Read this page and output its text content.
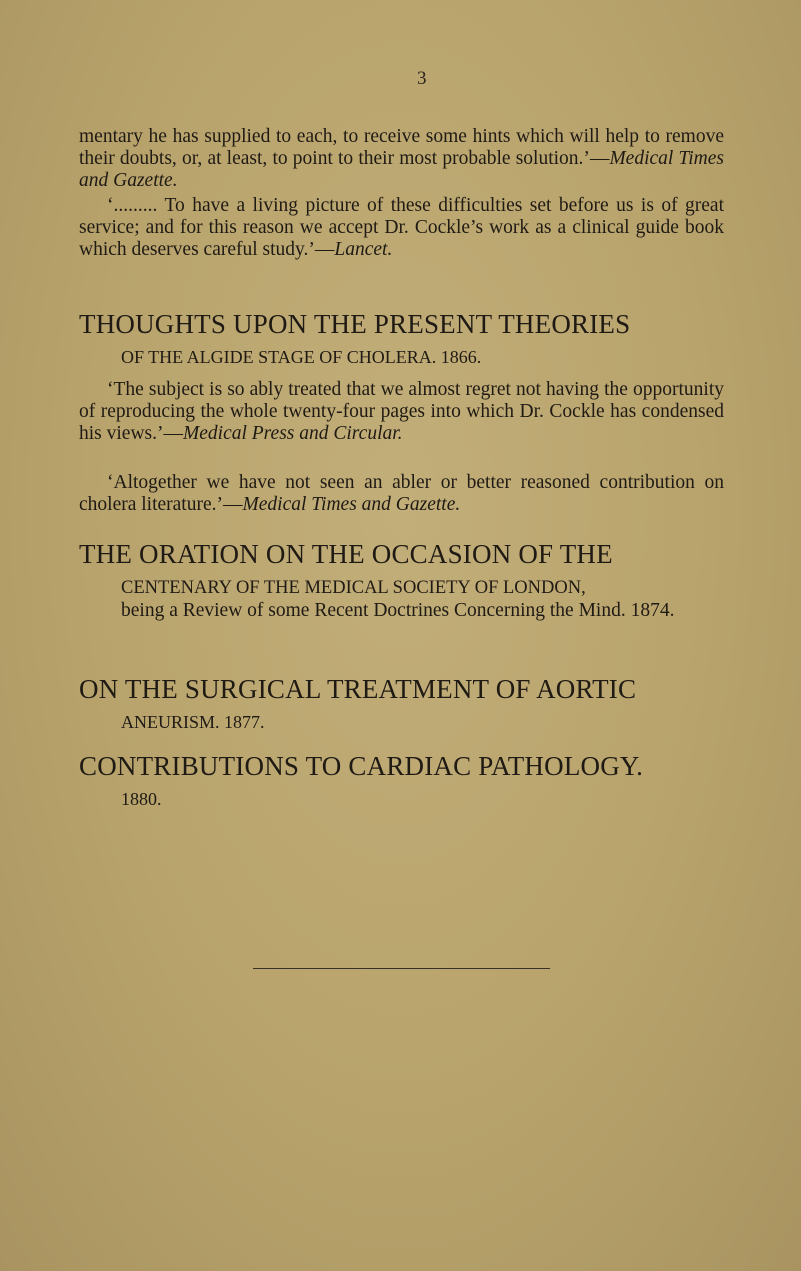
3

mentary he has supplied to each, to receive some hints which will help to remove their doubts, or, at least, to point to their most probable solution.’—Medical Times and Gazette.

‘......... To have a living picture of these difficulties set before us is of great service; and for this reason we accept Dr. Cockle’s work as a clinical guide book which deserves careful study.’—Lancet.

THOUGHTS UPON THE PRESENT THEORIES
OF THE ALGIDE STAGE OF CHOLERA. 1866.

‘The subject is so ably treated that we almost regret not having the opportunity of reproducing the whole twenty-four pages into which Dr. Cockle has condensed his views.’—Medical Press and Circular.

‘Altogether we have not seen an abler or better reasoned contribution on cholera literature.’—Medical Times and Gazette.

THE ORATION ON THE OCCASION OF THE
CENTENARY OF THE MEDICAL SOCIETY OF LONDON,
being a Review of some Recent Doctrines Concerning the Mind. 1874.
ON THE SURGICAL TREATMENT OF AORTIC
ANEURISM. 1877.
CONTRIBUTIONS TO CARDIAC PATHOLOGY.
1880.
